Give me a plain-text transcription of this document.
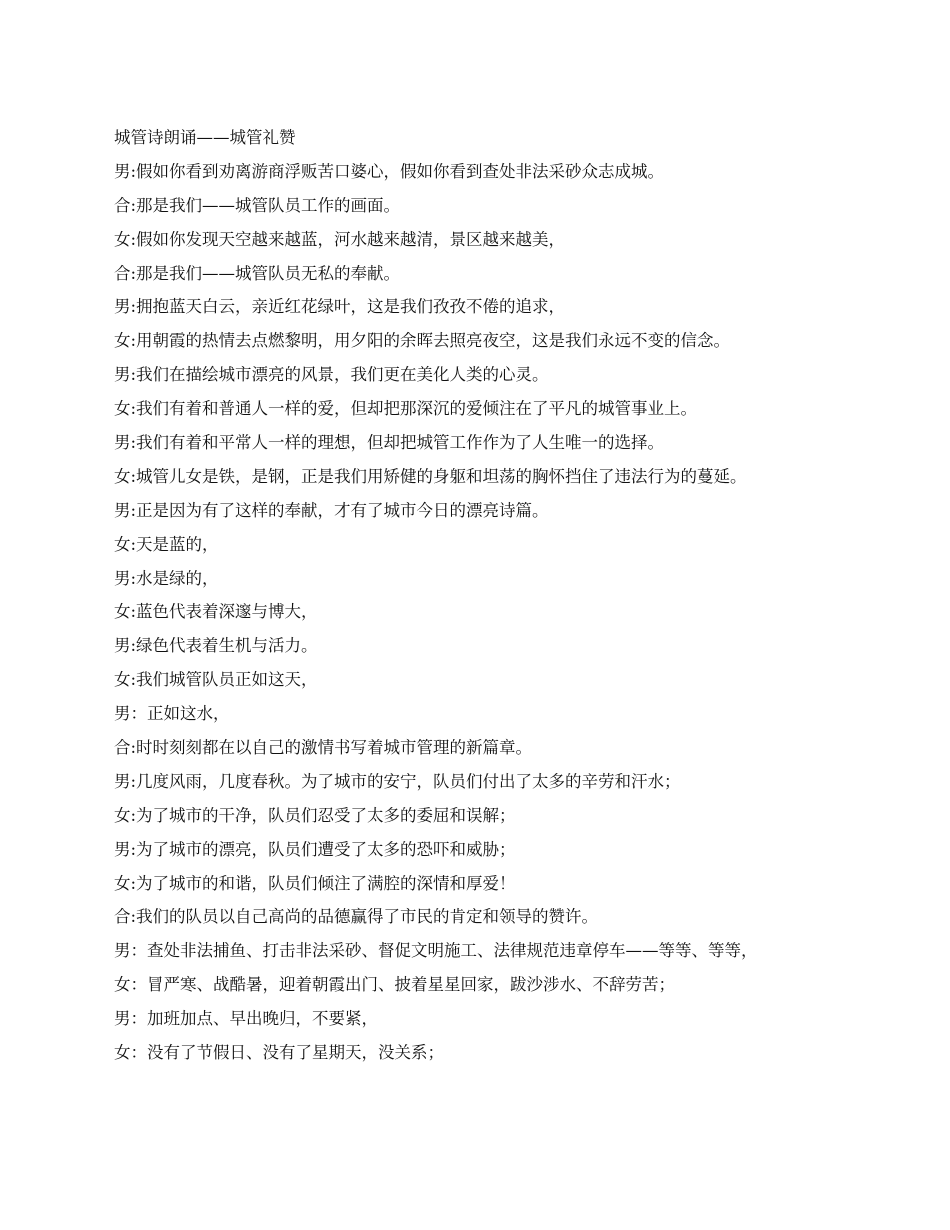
城管诗朗诵——城管礼赞
男:假如你看到劝离游商浮贩苦口婆心，假如你看到查处非法采砂众志成城。
合:那是我们——城管队员工作的画面。
女:假如你发现天空越来越蓝，河水越来越清，景区越来越美，
合:那是我们——城管队员无私的奉献。
男:拥抱蓝天白云，亲近红花绿叶，这是我们孜孜不倦的追求，
女:用朝霞的热情去点燃黎明，用夕阳的余晖去照亮夜空，这是我们永远不变的信念。
男:我们在描绘城市漂亮的风景，我们更在美化人类的心灵。
女:我们有着和普通人一样的爱，但却把那深沉的爱倾注在了平凡的城管事业上。
男:我们有着和平常人一样的理想，但却把城管工作作为了人生唯一的选择。
女:城管儿女是铁，是钢，正是我们用矫健的身躯和坦荡的胸怀挡住了违法行为的蔓延。
男:正是因为有了这样的奉献，才有了城市今日的漂亮诗篇。
女:天是蓝的，
男:水是绿的，
女:蓝色代表着深邃与博大，
男:绿色代表着生机与活力。
女:我们城管队员正如这天，
男：正如这水，
合:时时刻刻都在以自己的激情书写着城市管理的新篇章。
男:几度风雨，几度春秋。为了城市的安宁，队员们付出了太多的辛劳和汗水；
女:为了城市的干净，队员们忍受了太多的委屈和误解；
男:为了城市的漂亮，队员们遭受了太多的恐吓和威胁；
女:为了城市的和谐，队员们倾注了满腔的深情和厚爱！
合:我们的队员以自己高尚的品德赢得了市民的肯定和领导的赞许。
男：查处非法捕鱼、打击非法采砂、督促文明施工、法律规范违章停车——等等、等等，
女：冒严寒、战酷暑，迎着朝霞出门、披着星星回家，跋沙涉水、不辞劳苦；
男：加班加点、早出晚归，不要紧，
女：没有了节假日、没有了星期天，没关系；
